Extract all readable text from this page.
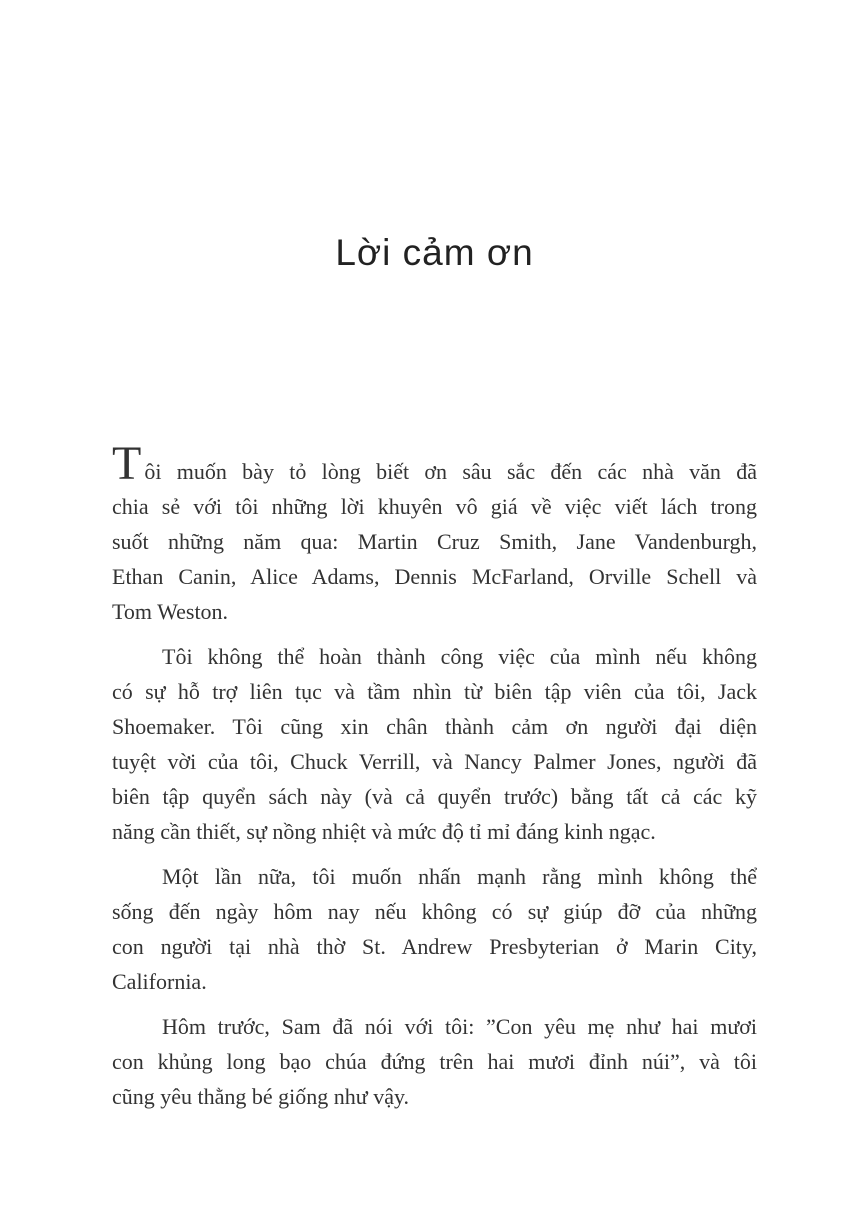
Lời cảm ơn

Tôi muốn bày tỏ lòng biết ơn sâu sắc đến các nhà văn đã
chia sẻ với tôi những lời khuyên vô giá về việc viết lách trong
suốt những năm qua: Martin Cruz Smith, Jane Vandenburgh,
Ethan Canin, Alice Adams, Dennis McFarland, Orville Schell và
Tom Weston.

Tôi không thể hoàn thành công việc của mình nếu không
có sự hỗ trợ liên tục và tầm nhìn từ biên tập viên của tôi, Jack
Shoemaker. Tôi cũng xin chân thành cảm ơn người đại diện
tuyệt vời của tôi, Chuck Verrill, và Nancy Palmer Jones, người đã
biên tập quyển sách này (và cả quyển trước) bằng tất cả các kỹ
năng cần thiết, sự nồng nhiệt và mức độ tỉ mỉ đáng kinh ngạc.

Một lần nữa, tôi muốn nhấn mạnh rằng mình không thể
sống đến ngày hôm nay nếu không có sự giúp đỡ của những
con người tại nhà thờ St. Andrew Presbyterian ở Marin City,
California.

Hôm trước, Sam đã nói với tôi: ”Con yêu mẹ như hai mươi
con khủng long bạo chúa đứng trên hai mươi đỉnh núi”, và tôi
cũng yêu thằng bé giống như vậy.
